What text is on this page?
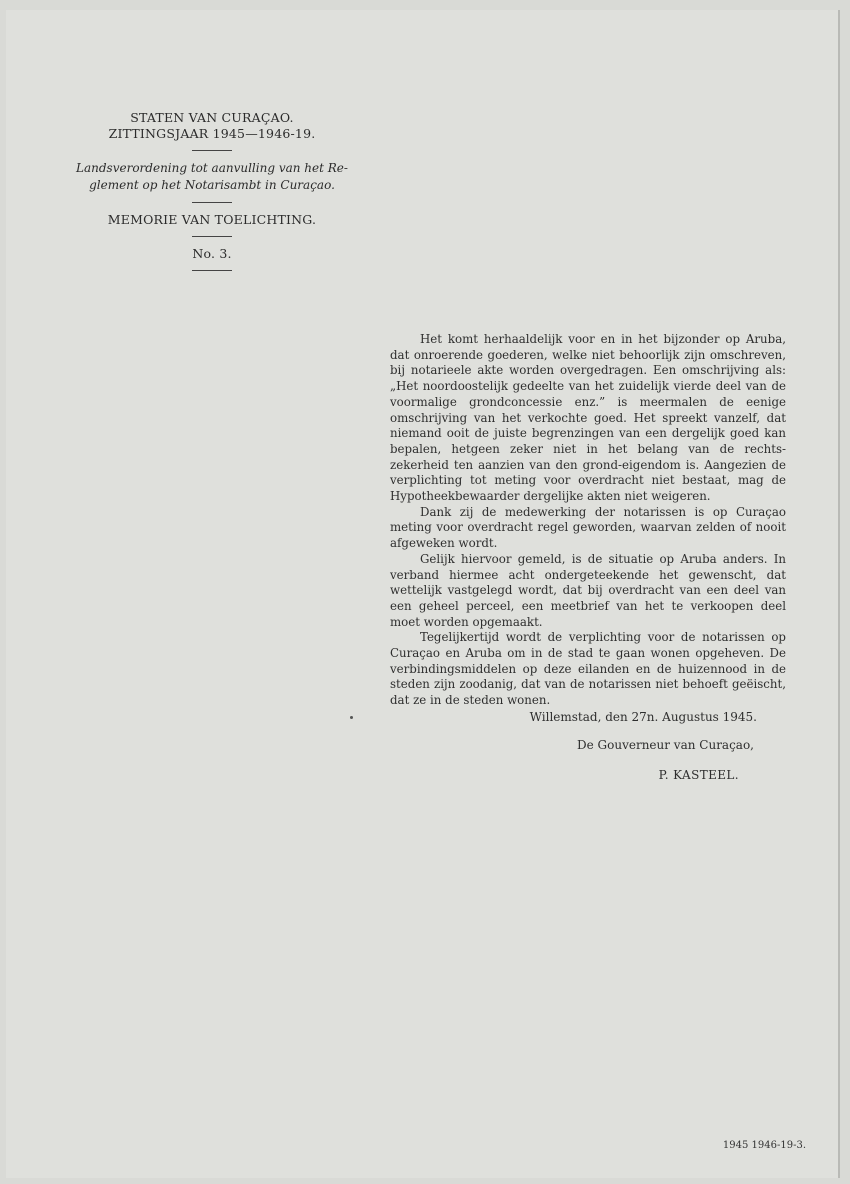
STATEN VAN CURAÇAO.
ZITTINGSJAAR 1945—1946-19.
Landsverordening tot aanvulling van het Re-
glement op het Notarisambt in Curaçao.
MEMORIE VAN TOELICHTING.
No. 3.

Het komt herhaaldelijk voor en in het bijzonder op Aruba, dat onroerende goederen, welke niet behoorlijk zijn omschreven, bij notarieele akte worden overgedragen. Een omschrijving als: „Het noordoostelijk gedeelte van het zuidelijk vierde deel van de voormalige grondconcessie enz.” is meermalen de eenige omschrijving van het verkochte goed. Het spreekt vanzelf, dat niemand ooit de juiste begrenzingen van een dergelijk goed kan bepalen, hetgeen zeker niet in het belang van de rechts-zekerheid ten aanzien van den grond-eigendom is. Aangezien de verplichting tot meting voor overdracht niet bestaat, mag de Hypotheekbewaarder dergelijke akten niet weigeren.

Dank zij de medewerking der notarissen is op Curaçao meting voor overdracht regel geworden, waarvan zelden of nooit afgeweken wordt.

Gelijk hiervoor gemeld, is de situatie op Aruba anders. In verband hiermee acht ondergeteekende het gewenscht, dat wettelijk vastgelegd wordt, dat bij overdracht van een deel van een geheel perceel, een meetbrief van het te verkoopen deel moet worden opgemaakt.

Tegelijkertijd wordt de verplichting voor de notarissen op Curaçao en Aruba om in de stad te gaan wonen opgeheven. De verbindingsmiddelen op deze eilanden en de huizennood in de steden zijn zoodanig, dat van de notarissen niet behoeft geëischt, dat ze in de steden wonen.

Willemstad, den 27n. Augustus 1945.
De Gouverneur van Curaçao,
P. KASTEEL.
1945 1946-19-3.
